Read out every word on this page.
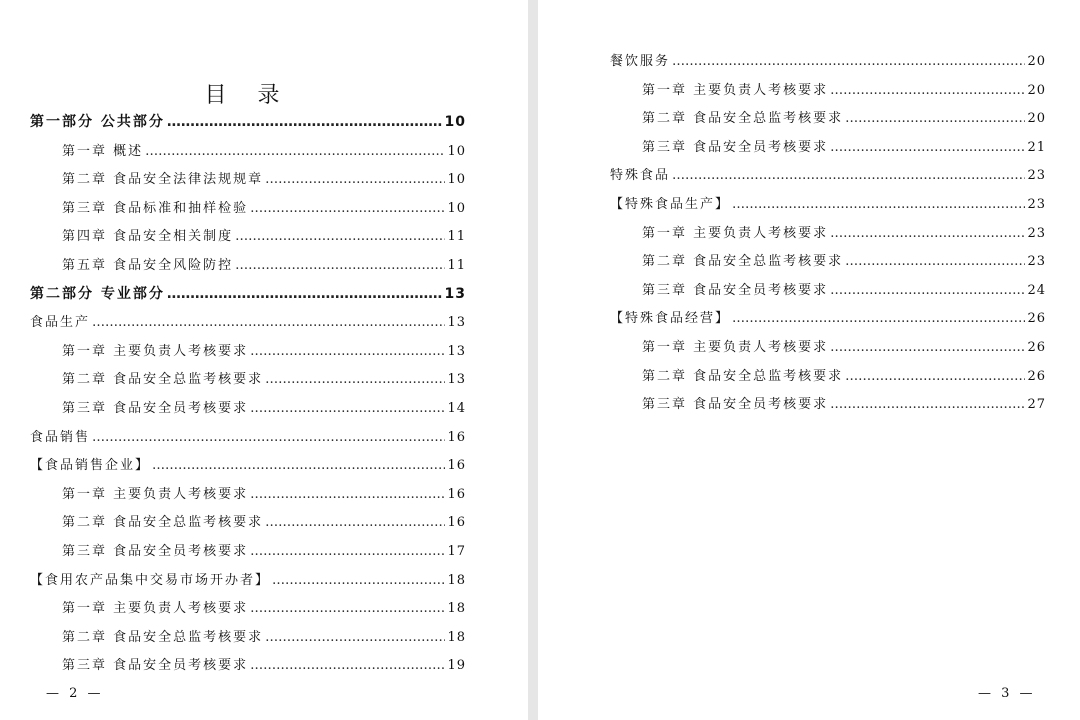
目 录
第一部分 公共部分 ……………………………………………………………………………………………………………………………………………………………………………	10
第一章 概述 ……………………………………………………………………………………………………………………………………………………………………………	10
第二章 食品安全法律法规规章 ……………………………………………………………………………………………………………………………………………………………………………	10
第三章 食品标准和抽样检验 ……………………………………………………………………………………………………………………………………………………………………………	10
第四章 食品安全相关制度 ……………………………………………………………………………………………………………………………………………………………………………	11
第五章 食品安全风险防控 ……………………………………………………………………………………………………………………………………………………………………………	11
第二部分 专业部分 ……………………………………………………………………………………………………………………………………………………………………………	13
食品生产 ……………………………………………………………………………………………………………………………………………………………………………	13
第一章 主要负责人考核要求 ……………………………………………………………………………………………………………………………………………………………………………	13
第二章 食品安全总监考核要求 ……………………………………………………………………………………………………………………………………………………………………………	13
第三章 食品安全员考核要求 ……………………………………………………………………………………………………………………………………………………………………………	14
食品销售 ……………………………………………………………………………………………………………………………………………………………………………	16
【食品销售企业】 ……………………………………………………………………………………………………………………………………………………………………………	16
第一章 主要负责人考核要求 ……………………………………………………………………………………………………………………………………………………………………………	16
第二章 食品安全总监考核要求 ……………………………………………………………………………………………………………………………………………………………………………	16
第三章 食品安全员考核要求 ……………………………………………………………………………………………………………………………………………………………………………	17
【食用农产品集中交易市场开办者】 ……………………………………………………………………………………………………………………………………………………………………………	18
第一章 主要负责人考核要求 ……………………………………………………………………………………………………………………………………………………………………………	18
第二章 食品安全总监考核要求 ……………………………………………………………………………………………………………………………………………………………………………	18
第三章 食品安全员考核要求 ……………………………………………………………………………………………………………………………………………………………………………	19
— 2 —
餐饮服务 ……………………………………………………………………………………………………………………………………………………………………………	20
第一章 主要负责人考核要求 ……………………………………………………………………………………………………………………………………………………………………………	20
第二章 食品安全总监考核要求 ……………………………………………………………………………………………………………………………………………………………………………	20
第三章 食品安全员考核要求 ……………………………………………………………………………………………………………………………………………………………………………	21
特殊食品 ……………………………………………………………………………………………………………………………………………………………………………	23
【特殊食品生产】 ……………………………………………………………………………………………………………………………………………………………………………	23
第一章 主要负责人考核要求 ……………………………………………………………………………………………………………………………………………………………………………	23
第二章 食品安全总监考核要求 ……………………………………………………………………………………………………………………………………………………………………………	23
第三章 食品安全员考核要求 ……………………………………………………………………………………………………………………………………………………………………………	24
【特殊食品经营】 ……………………………………………………………………………………………………………………………………………………………………………	26
第一章 主要负责人考核要求 ……………………………………………………………………………………………………………………………………………………………………………	26
第二章 食品安全总监考核要求 ……………………………………………………………………………………………………………………………………………………………………………	26
第三章 食品安全员考核要求 ……………………………………………………………………………………………………………………………………………………………………………	27
— 3 —
